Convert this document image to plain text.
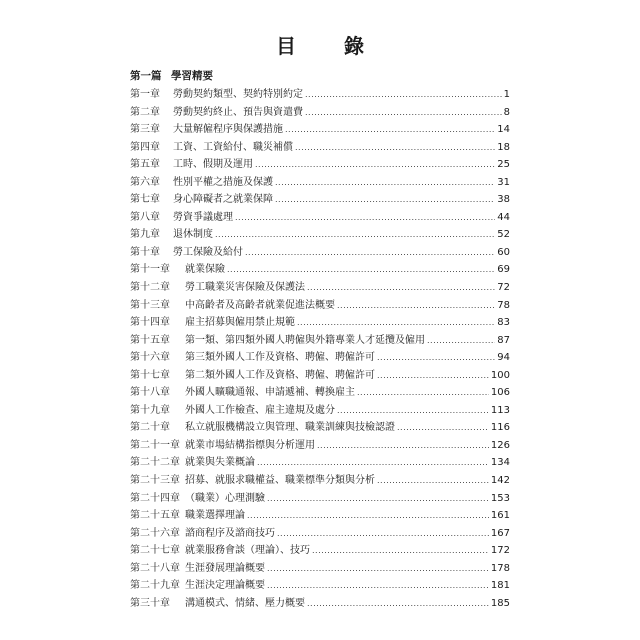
目　錄
第一篇 學習精要
第一章	勞動契約類型、契約特別約定 .....	1
第二章	勞動契約終止、預告與資遣費 .....	8
第三章	大量解僱程序與保護措施 .....	14
第四章	工資、工資給付、職災補償 .....	18
第五章	工時、假期及運用 .....	25
第六章	性別平權之措施及保護 .....	31
第七章	身心障礙者之就業保障 .....	38
第八章	勞資爭議處理 .....	44
第九章	退休制度 .....	52
第十章	勞工保險及給付 .....	60
第十一章	就業保險 .....	69
第十二章	勞工職業災害保險及保護法 .....	72
第十三章	中高齡者及高齡者就業促進法概要 .....	78
第十四章	雇主招募與僱用禁止規範 .....	83
第十五章	第一類、第四類外國人聘僱與外籍專業人才延攬及僱用 .....	87
第十六章	第三類外國人工作及資格、聘僱、聘僱許可 .....	94
第十七章	第二類外國人工作及資格、聘僱、聘僱許可 .....	100
第十八章	外國人曠職通報、申請遞補、轉換雇主 .....	106
第十九章	外國人工作檢查、雇主違規及處分 .....	113
第二十章	私立就服機構設立與管理、職業訓練與技檢認證 .....	116
第二十一章 就業市場結構指標與分析運用 .....	126
第二十二章 就業與失業概論 .....	134
第二十三章 招募、就服求職權益、職業標準分類與分析 .....	142
第二十四章 （職業）心理測驗 .....	153
第二十五章 職業選擇理論 .....	161
第二十六章 諮商程序及諮商技巧 .....	167
第二十七章 就業服務會談（理論）、技巧 .....	172
第二十八章 生涯發展理論概要 .....	178
第二十九章 生涯決定理論概要 .....	181
第三十章	溝通模式、情緒、壓力概要 .....	185
